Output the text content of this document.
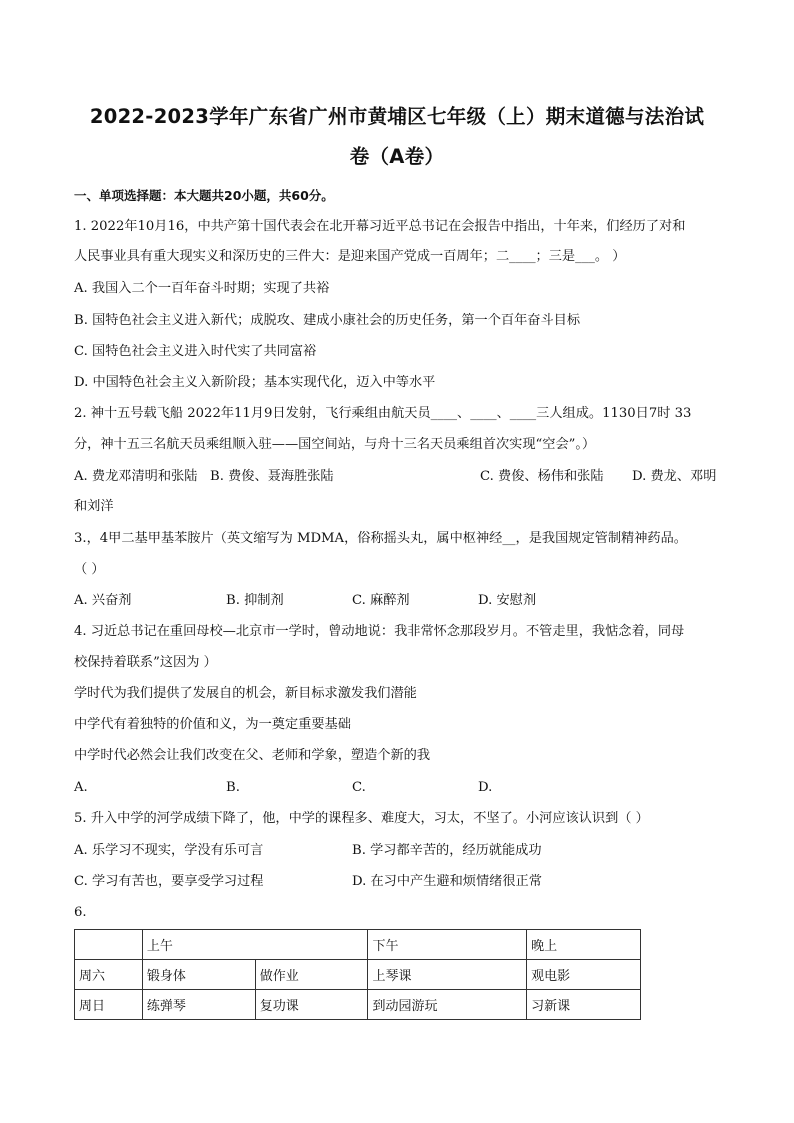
2022-2023学年广东省广州市黄埔区七年级（上）期末道德与法治试
卷（A卷）
一、单项选择题：本大题共20小题，共60分。
1. 2022年10月16，中共产第十国代表会在北开幕习近平总书记在会报告中指出，十年来，们经历了对和
人民事业具有重大现实义和深历史的三件大：是迎来国产党成一百周年；二____；三是___。 ）
A. 我国入二个一百年奋斗时期；实现了共裕
B. 国特色社会主义进入新代；成脱攻、建成小康社会的历史任务，第一个百年奋斗目标
C. 国特色社会主义进入时代实了共同富裕
D. 中国特色社会主义入新阶段；基本实现代化，迈入中等水平
2. 神十五号载飞船 2022年11月9日发射，飞行乘组由航天员____、____、____三人组成。1130日7时 33
分，神十五三名航天员乘组顺入驻——国空间站，与舟十三名天员乘组首次实现“空会”。）
A. 费龙邓清明和张陆 B. 费俊、聂海胜张陆	C. 费俊、杨伟和张陆 D. 费龙、邓明
和刘洋
3.，4甲二基甲基苯胺片（英文缩写为 MDMA，俗称摇头丸，属中枢神经__，是我国规定管制精神药品。
（ ）
A. 兴奋剂	B. 抑制剂	C. 麻醉剂	D. 安慰剂
4. 习近总书记在重回母校—北京市一学时，曾动地说：我非常怀念那段岁月。不管走里，我惦念着，同母
校保持着联系”这因为 ）
学时代为我们提供了发展自的机会，新目标求激发我们潜能
中学代有着独特的价值和义，为一奠定重要基础
中学时代必然会让我们改变在父、老师和学象，塑造个新的我
A.	B.	C.	D.
5. 升入中学的河学成绩下降了，他，中学的课程多、难度大，习太，不坚了。小河应该认识到（ ）
A. 乐学习不现实，学没有乐可言	B. 学习都辛苦的，经历就能成功
C. 学习有苦也，要享受学习过程	D. 在习中产生避和烦情绪很正常
6.
	上午		下午	晚上
周六	锻身体	做作业	上琴课	观电影
周日	练弹琴	复功课	到动园游玩	习新课
